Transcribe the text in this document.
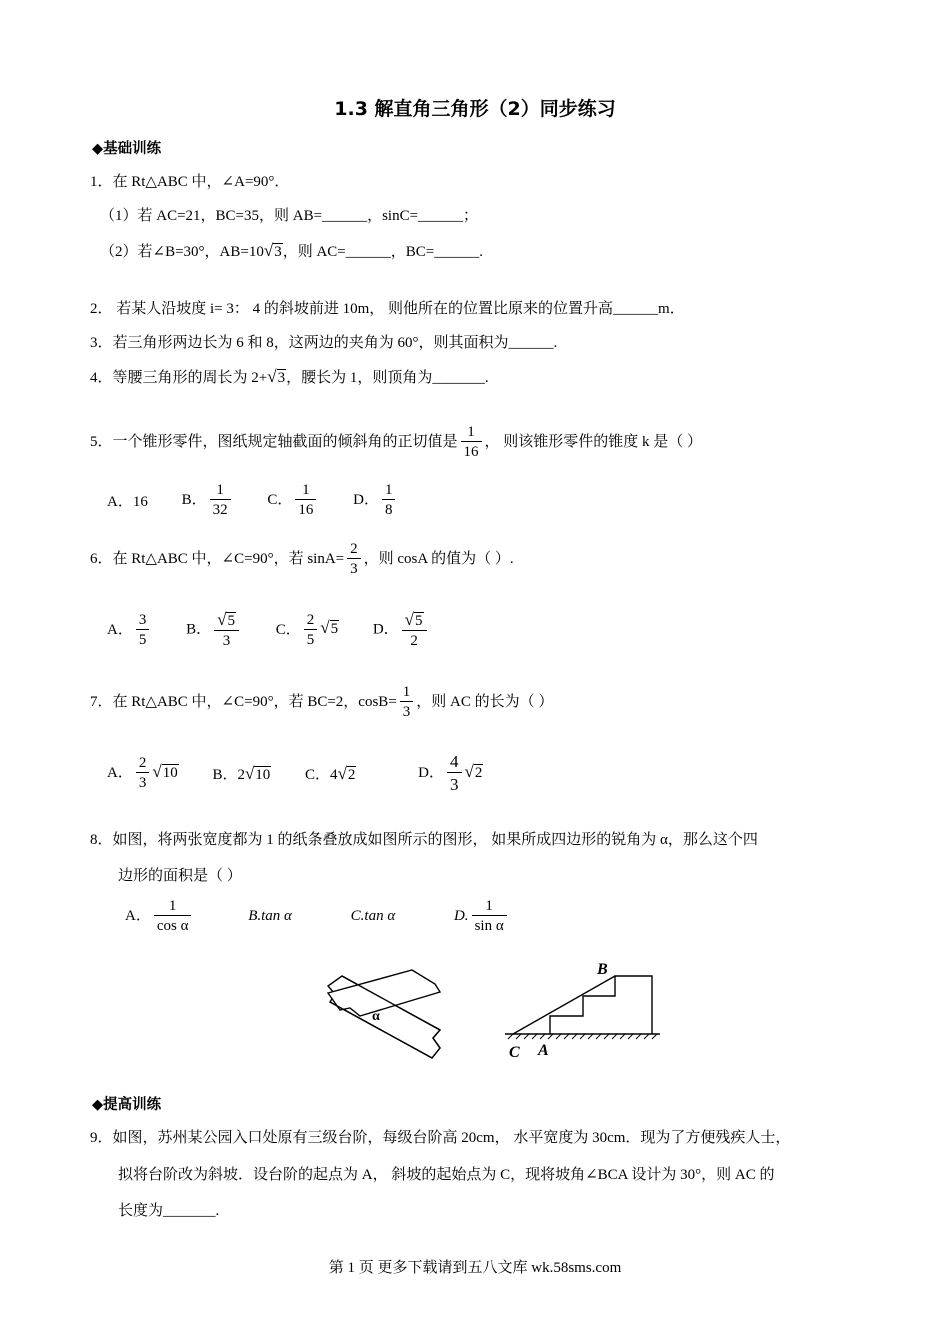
1.3 解直角三角形（2）同步练习
◆基础训练
1．在 Rt△ABC 中，∠A=90°．
（1）若 AC=21，BC=35，则 AB=______，sinC=______；
（2）若∠B=30°，AB=10√3，则 AC=______，BC=______.
2． 若某人沿坡度 i= 3： 4 的斜坡前进 10m， 则他所在的位置比原来的位置升高______m．
3．若三角形两边长为 6 和 8，这两边的夹角为 60°，则其面积为______.
4．等腰三角形的周长为 2+√3，腰长为 1，则顶角为_______.
5．一个锥形零件，图纸规定轴截面的倾斜角的正切值是 $\frac{1}{16}$ ， 则该锥形零件的锥度 k 是（ ）
A．16 B． $\frac{1}{32}$ C． $\frac{1}{16}$ D． $\frac{1}{8}$
6．在 Rt△ABC 中，∠C=90°，若 $\sin A= \frac{2}{3}$ ，则 cosA 的值为（ ）.
A． $\frac{3}{5}$ B． $\frac{√5}{3}$ C． $\frac{2}{5} √5$ D． $\frac{√5}{2}$
7．在 Rt△ABC 中，∠C=90°，若 BC=2，$\cos B= \frac{1}{3}$ ，则 AC 的长为（ ）
A． $\frac{2}{3} √10$ B．2√10 C．4√2	D． $\frac{4}{3} √2$
8．如图，将两张宽度都为 1 的纸条叠放成如图所示的图形， 如果所成四边形的锐角为 α，那么这个四
边形的面积是（ ）
A． $\frac{1}{\text{cos α}}$	B.tan α	C.tan α	D. $\frac{1}{\text{sin α}}$
α
B
C A
◆提高训练
9．如图，苏州某公园入口处原有三级台阶，每级台阶高 20cm， 水平宽度为 30cm．现为了方便残疾人士，
拟将台阶改为斜坡．设台阶的起点为 A， 斜坡的起始点为 C，现将坡角∠BCA 设计为 30°，则 AC 的
长度为_______.
第 1 页 更多下载请到五八文库 wk.58sms.com
